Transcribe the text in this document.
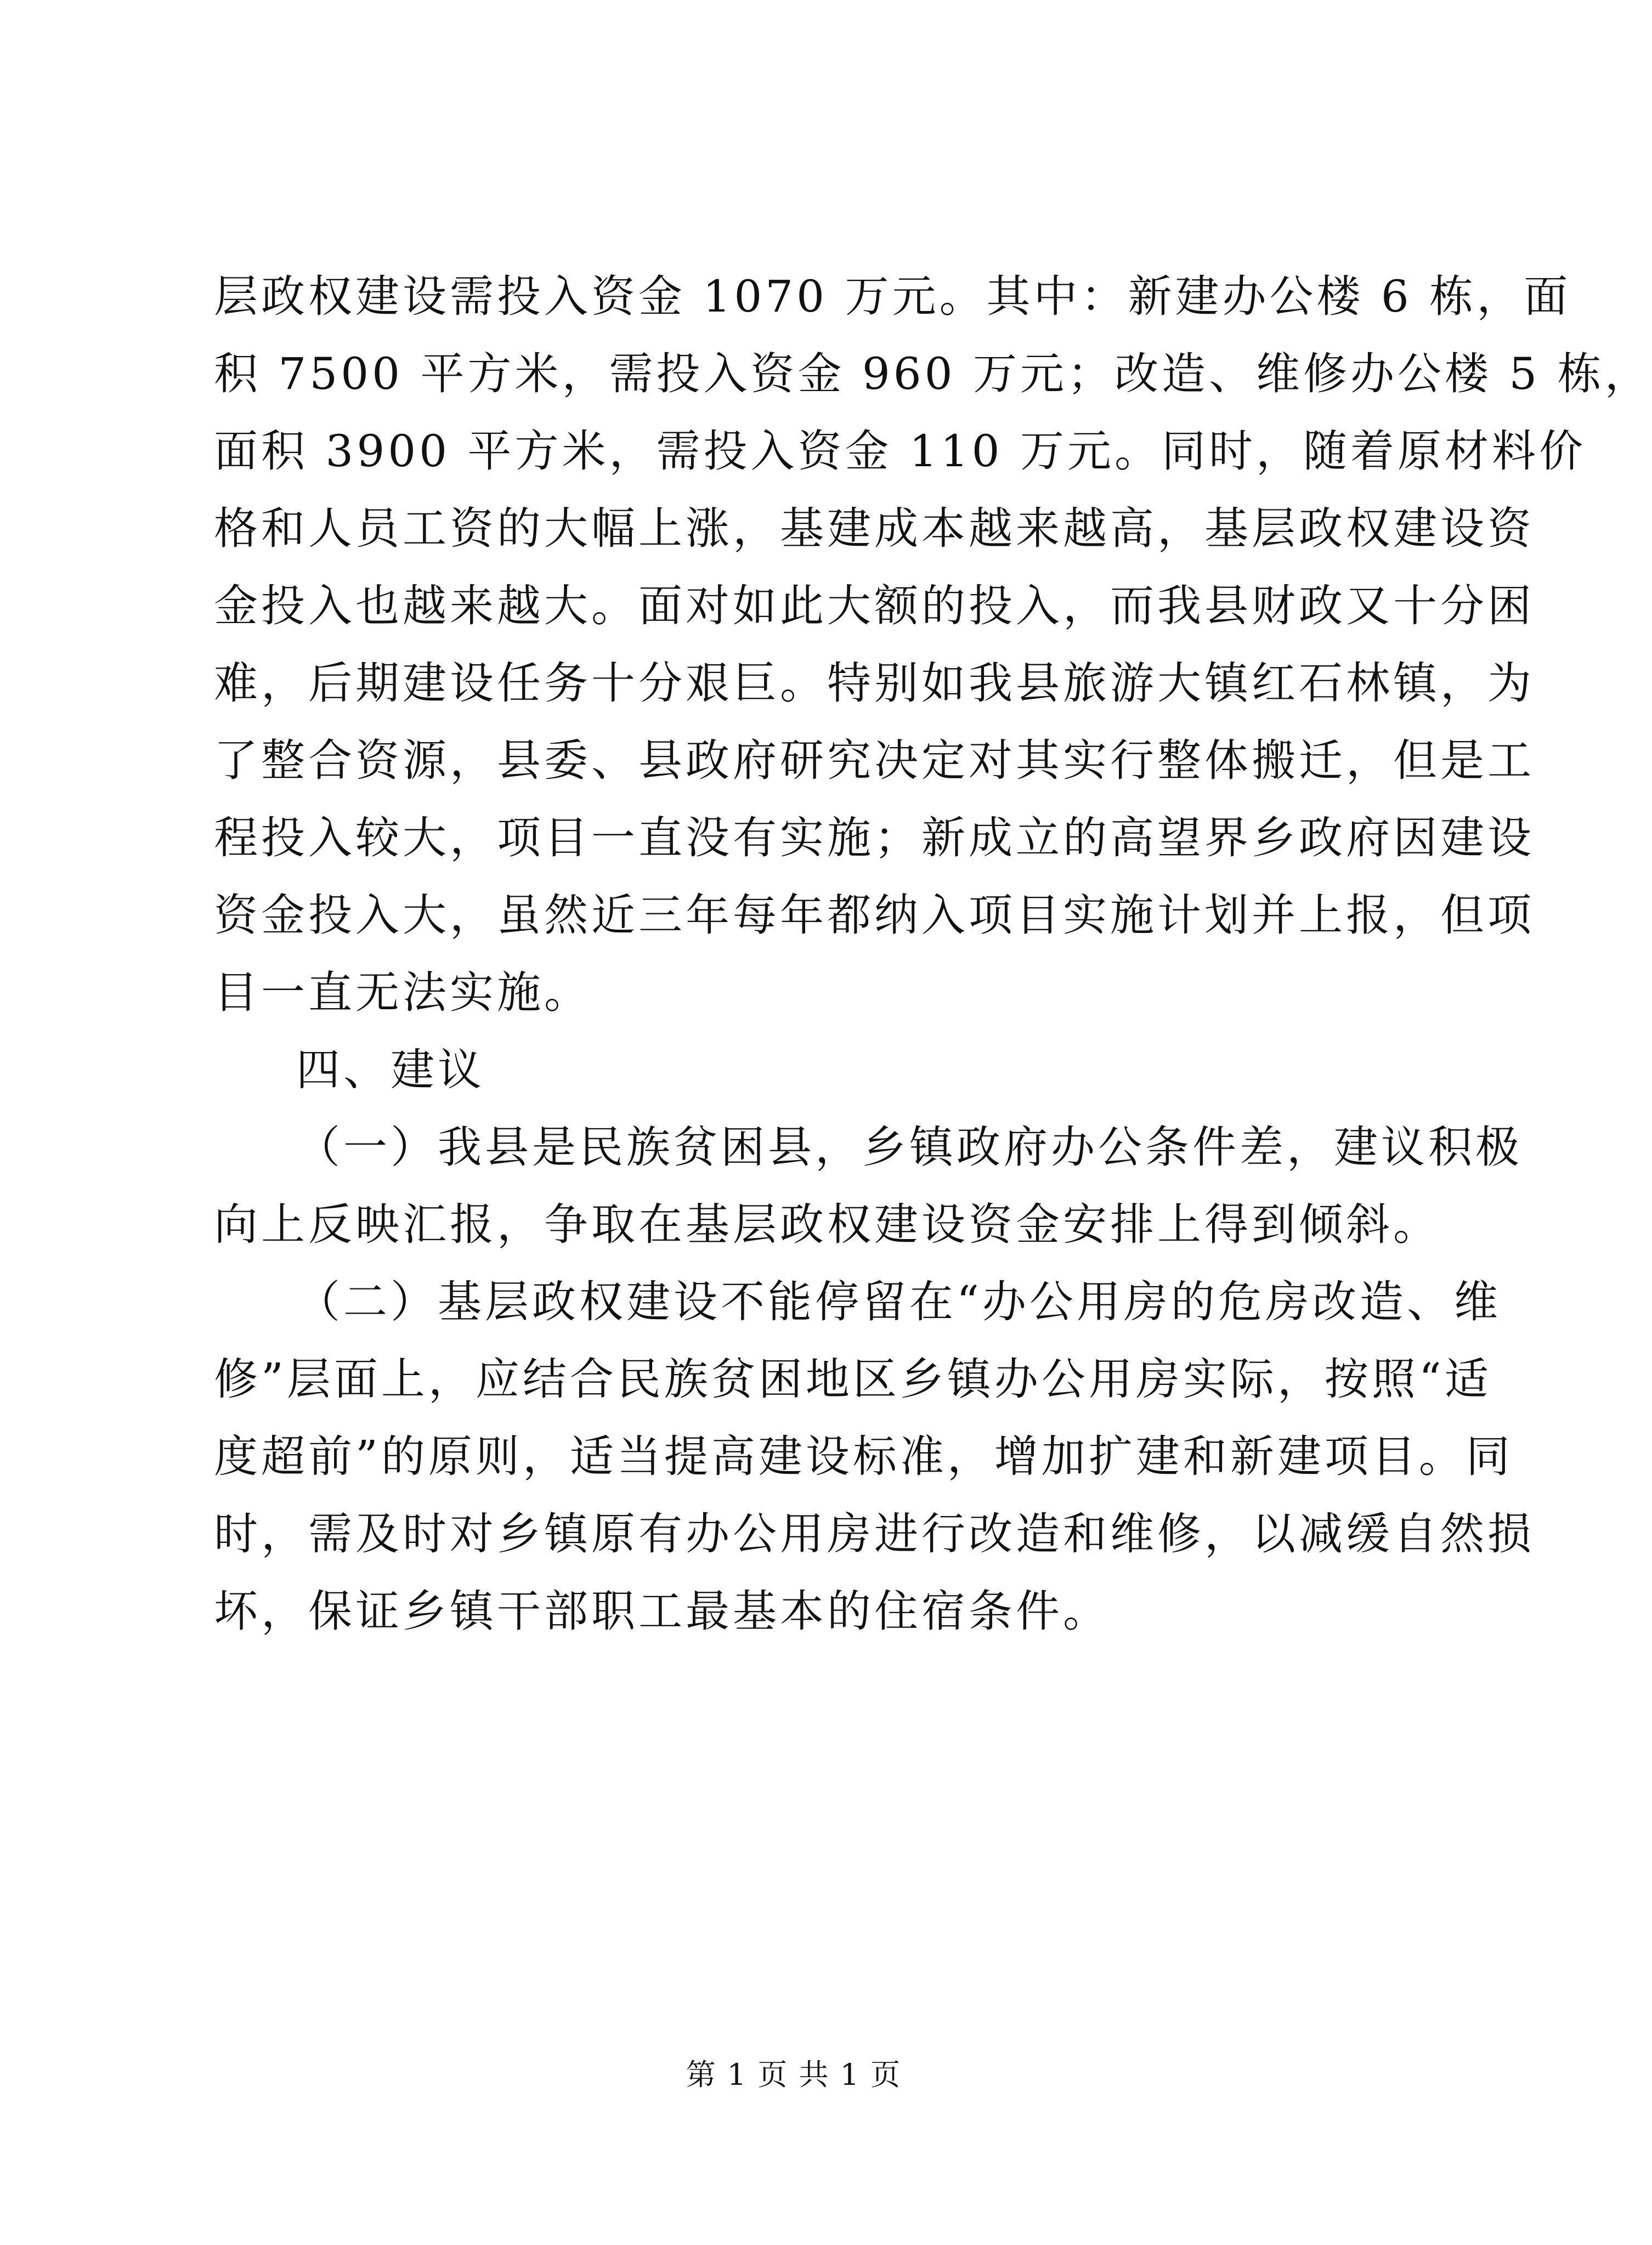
层政权建设需投入资金 1070 万元。其中：新建办公楼 6 栋，面
积 7500 平方米，需投入资金 960 万元；改造、维修办公楼 5 栋，
面积 3900 平方米，需投入资金 110 万元。同时，随着原材料价
格和人员工资的大幅上涨，基建成本越来越高，基层政权建设资
金投入也越来越大。面对如此大额的投入，而我县财政又十分困
难，后期建设任务十分艰巨。特别如我县旅游大镇红石林镇，为
了整合资源，县委、县政府研究决定对其实行整体搬迁，但是工
程投入较大，项目一直没有实施；新成立的高望界乡政府因建设
资金投入大，虽然近三年每年都纳入项目实施计划并上报，但项
目一直无法实施。
四、建议
（一）我县是民族贫困县，乡镇政府办公条件差，建议积极
向上反映汇报，争取在基层政权建设资金安排上得到倾斜。
（二）基层政权建设不能停留在“办公用房的危房改造、维
修”层面上，应结合民族贫困地区乡镇办公用房实际，按照“适
度超前”的原则，适当提高建设标准，增加扩建和新建项目。同
时，需及时对乡镇原有办公用房进行改造和维修，以减缓自然损
坏，保证乡镇干部职工最基本的住宿条件。
第 1 页 共 1 页
